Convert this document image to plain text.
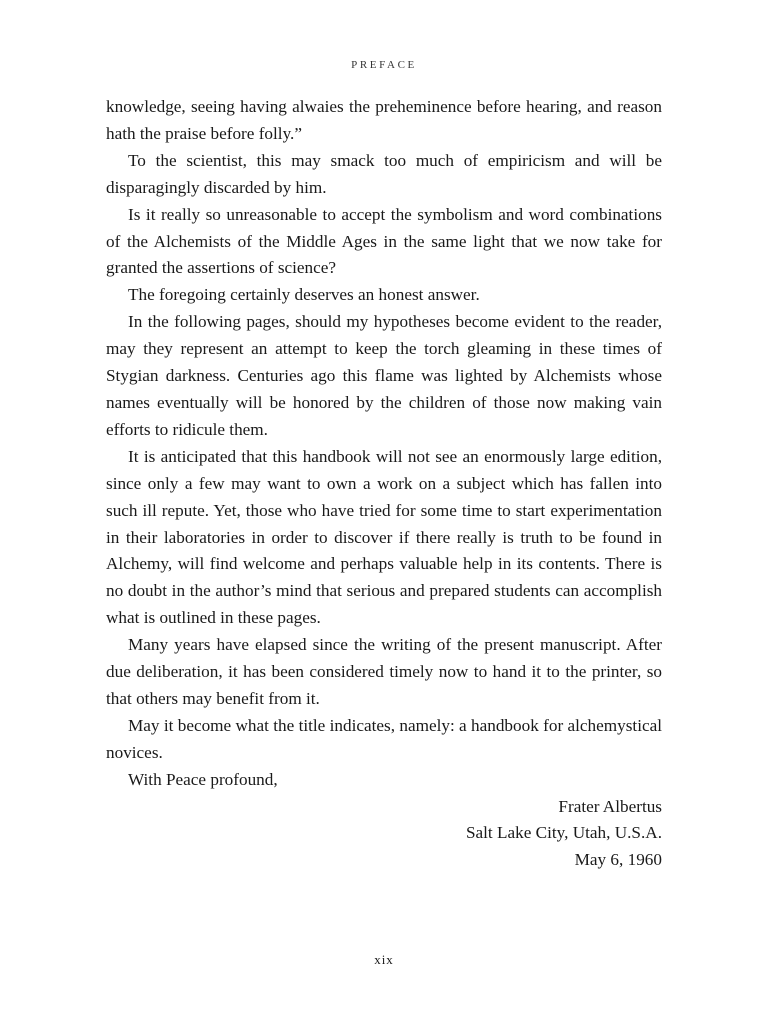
PREFACE

knowledge, seeing having alwaies the preheminence before hearing, and reason hath the praise before folly.”

To the scientist, this may smack too much of empiricism and will be disparagingly discarded by him.

Is it really so unreasonable to accept the symbolism and word combinations of the Alchemists of the Middle Ages in the same light that we now take for granted the assertions of science?

The foregoing certainly deserves an honest answer.

In the following pages, should my hypotheses become evident to the reader, may they represent an attempt to keep the torch gleaming in these times of Stygian darkness. Centuries ago this flame was lighted by Alchemists whose names eventually will be honored by the children of those now making vain efforts to ridicule them.

It is anticipated that this handbook will not see an enormously large edition, since only a few may want to own a work on a subject which has fallen into such ill repute. Yet, those who have tried for some time to start experimentation in their laboratories in order to discover if there really is truth to be found in Alchemy, will find welcome and perhaps valuable help in its contents. There is no doubt in the author’s mind that serious and prepared students can accomplish what is outlined in these pages.

Many years have elapsed since the writing of the present manuscript. After due deliberation, it has been considered timely now to hand it to the printer, so that others may benefit from it.

May it become what the title indicates, namely: a handbook for alchemystical novices.

With Peace profound,

Frater Albertus
Salt Lake City, Utah, U.S.A.
May 6, 1960
xix
